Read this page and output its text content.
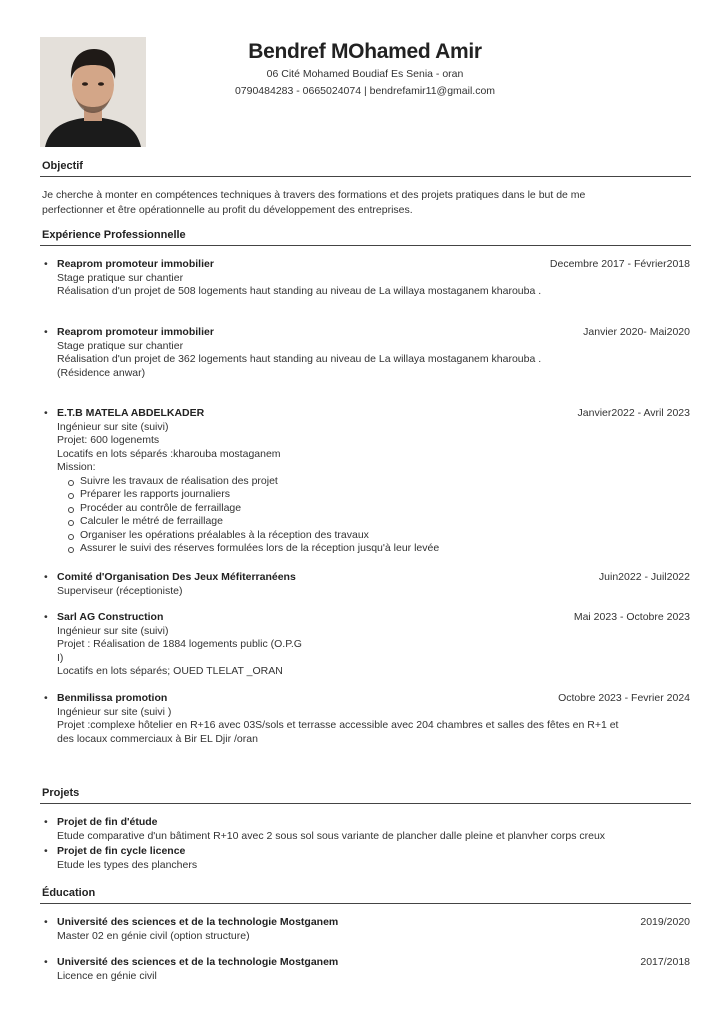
Bendref MOhamed Amir
06 Cité Mohamed Boudiaf Es Senia - oran
0790484283 - 0665024074 | bendrefamir11@gmail.com
Objectif
Je cherche à monter en compétences techniques à travers des formations et des projets pratiques dans le but de me
perfectionner et être opérationnelle au profit du développement des entreprises.
Expérience Professionnelle
• Reaprom promoteur immobilier	Decembre 2017 - Février2018
Stage pratique sur chantier
Réalisation d'un projet de 508 logements haut standing au niveau de La willaya mostaganem kharouba .
• Reaprom promoteur immobilier	Janvier 2020- Mai2020
Stage pratique sur chantier
Réalisation d'un projet de 362 logements haut standing au niveau de La willaya mostaganem kharouba .
(Résidence anwar)
• E.T.B MATELA ABDELKADER	Janvier2022 - Avril 2023
Ingénieur sur site (suivi)
Projet: 600 logenemts
Locatifs en lots séparés :kharouba mostaganem
Mission:
Suivre les travaux de réalisation des projet
Préparer les rapports journaliers
Procéder au contrôle de ferraillage
Calculer le métré de ferraillage
Organiser les opérations préalables à la réception des travaux
Assurer le suivi des réserves formulées lors de la réception jusqu'à leur levée
• Comité d'Organisation Des Jeux Méfiterranéens	Juin2022 - Juil2022
Superviseur (réceptioniste)
• Sarl AG Construction	Mai 2023 - Octobre 2023
Ingénieur sur site (suivi)
Projet : Réalisation de 1884 logements public (O.P.G
I)
Locatifs en lots séparés; OUED TLELAT _ORAN
• Benmilissa promotion	Octobre 2023 - Fevrier 2024
Ingénieur sur site (suivi )
Projet :complexe hôtelier en R+16 avec 03S/sols et terrasse accessible avec 204 chambres et salles des fêtes en R+1 et
des locaux commerciaux à Bir EL Djir /oran
Projets
• Projet de fin d'étude
Etude comparative d'un bâtiment R+10 avec 2 sous sol sous variante de plancher dalle pleine et planvher corps creux
• Projet de fin cycle licence
Etude les types des planchers
Éducation
• Université des sciences et de la technologie Mostganem	2019/2020
Master 02 en génie civil (option structure)
• Université des sciences et de la technologie Mostganem	2017/2018
Licence en génie civil
